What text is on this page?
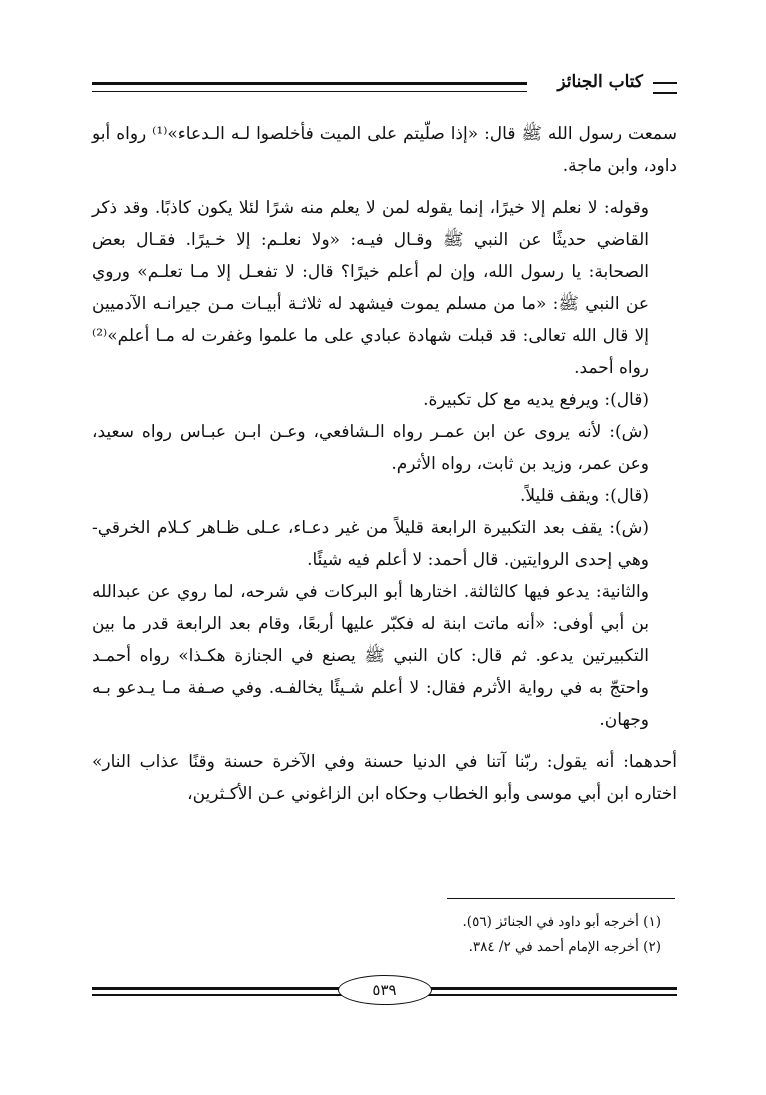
كتاب الجنائز

سمعت رسول الله ﷺ قال: «إذا صلّيتم على الميت فأخلصوا لـه الـدعاء»⁽¹⁾ رواه أبو داود، وابن ماجة.

وقوله: لا نعلم إلا خيرًا، إنما يقوله لمن لا يعلم منه شرًا لئلا يكون كاذبًا. وقد ذكر القاضي حديثًا عن النبي ﷺ وقـال فيـه: «ولا نعلـم: إلا خـيرًا. فقـال بعض الصحابة: يا رسول الله، وإن لم أعلم خيرًا؟ قال: لا تفعـل إلا مـا تعلـم» وروي عن النبي ﷺ: «ما من مسلم يموت فيشهد له ثلاثـة أبيـات مـن جيرانـه الآدميين إلا قال الله تعالى: قد قبلت شهادة عبادي على ما علموا وغفرت له مـا أعلم»⁽²⁾ رواه أحمد.

(قال): ويرفع يديه مع كل تكبيرة.

(ش): لأنه يروى عن ابن عمـر رواه الـشافعي، وعـن ابـن عبـاس رواه سعيد، وعن عمر، وزيد بن ثابت، رواه الأثرم.

(قال): ويقف قليلاً.

(ش): يقف بعد التكبيرة الرابعة قليلاً من غير دعـاء، عـلى ظـاهر كـلام الخرقي- وهي إحدى الروايتين. قال أحمد: لا أعلم فيه شيئًا.

والثانية: يدعو فيها كالثالثة. اختارها أبو البركات في شرحه، لما روي عن عبدالله بن أبي أوفى: «أنه ماتت ابنة له فكبّر عليها أربعًا، وقام بعد الرابعة قدر ما بين التكبيرتين يدعو. ثم قال: كان النبي ﷺ يصنع في الجنازة هكـذا» رواه أحمـد واحتجّ به في رواية الأثرم فقال: لا أعلم شـيئًا يخالفـه. وفي صـفة مـا يـدعو بـه وجهان.

أحدهما: أنه يقول: ربّنا آتنا في الدنيا حسنة وفي الآخرة حسنة وقنًا عذاب النار» اختاره ابن أبي موسى وأبو الخطاب وحكاه ابن الزاغوني عـن الأكـثرين،

(١) أخرجه أبو داود في الجنائز (٥٦).

(٢) أخرجه الإمام أحمد في ٢/ ٣٨٤.

٥٣٩
